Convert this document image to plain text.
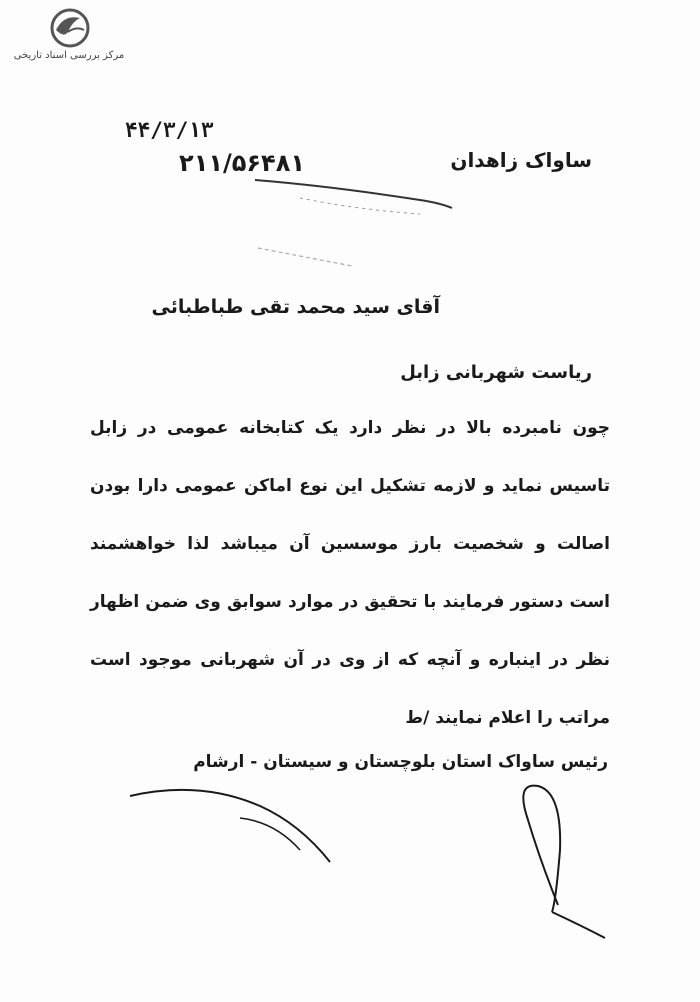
مرکز بررسی اسناد تاریخی
۴۴/۳/۱۳
۲۱۱/۵۶۴۸۱	ساواک زاهدان
آقای سید محمد تقی طباطبائی
ریاست شهربانی زابل
چون نامبرده بالا در نظر دارد یک کتابخانه عمومی در زابل
تاسیس نماید و لازمه تشکیل این نوع اماکن عمومی دارا بودن
اصالت و شخصیت بارز موسسین آن میباشد لذا خواهشمند
است دستور فرمایند با تحقیق در موارد سوابق وی ضمن اظهار
نظر در اینباره و آنچه که از وی در آن شهربانی موجود است
مراتب را اعلام نمایند /ط
رئیس ساواک استان بلوچستان و سیستان - ارشام
